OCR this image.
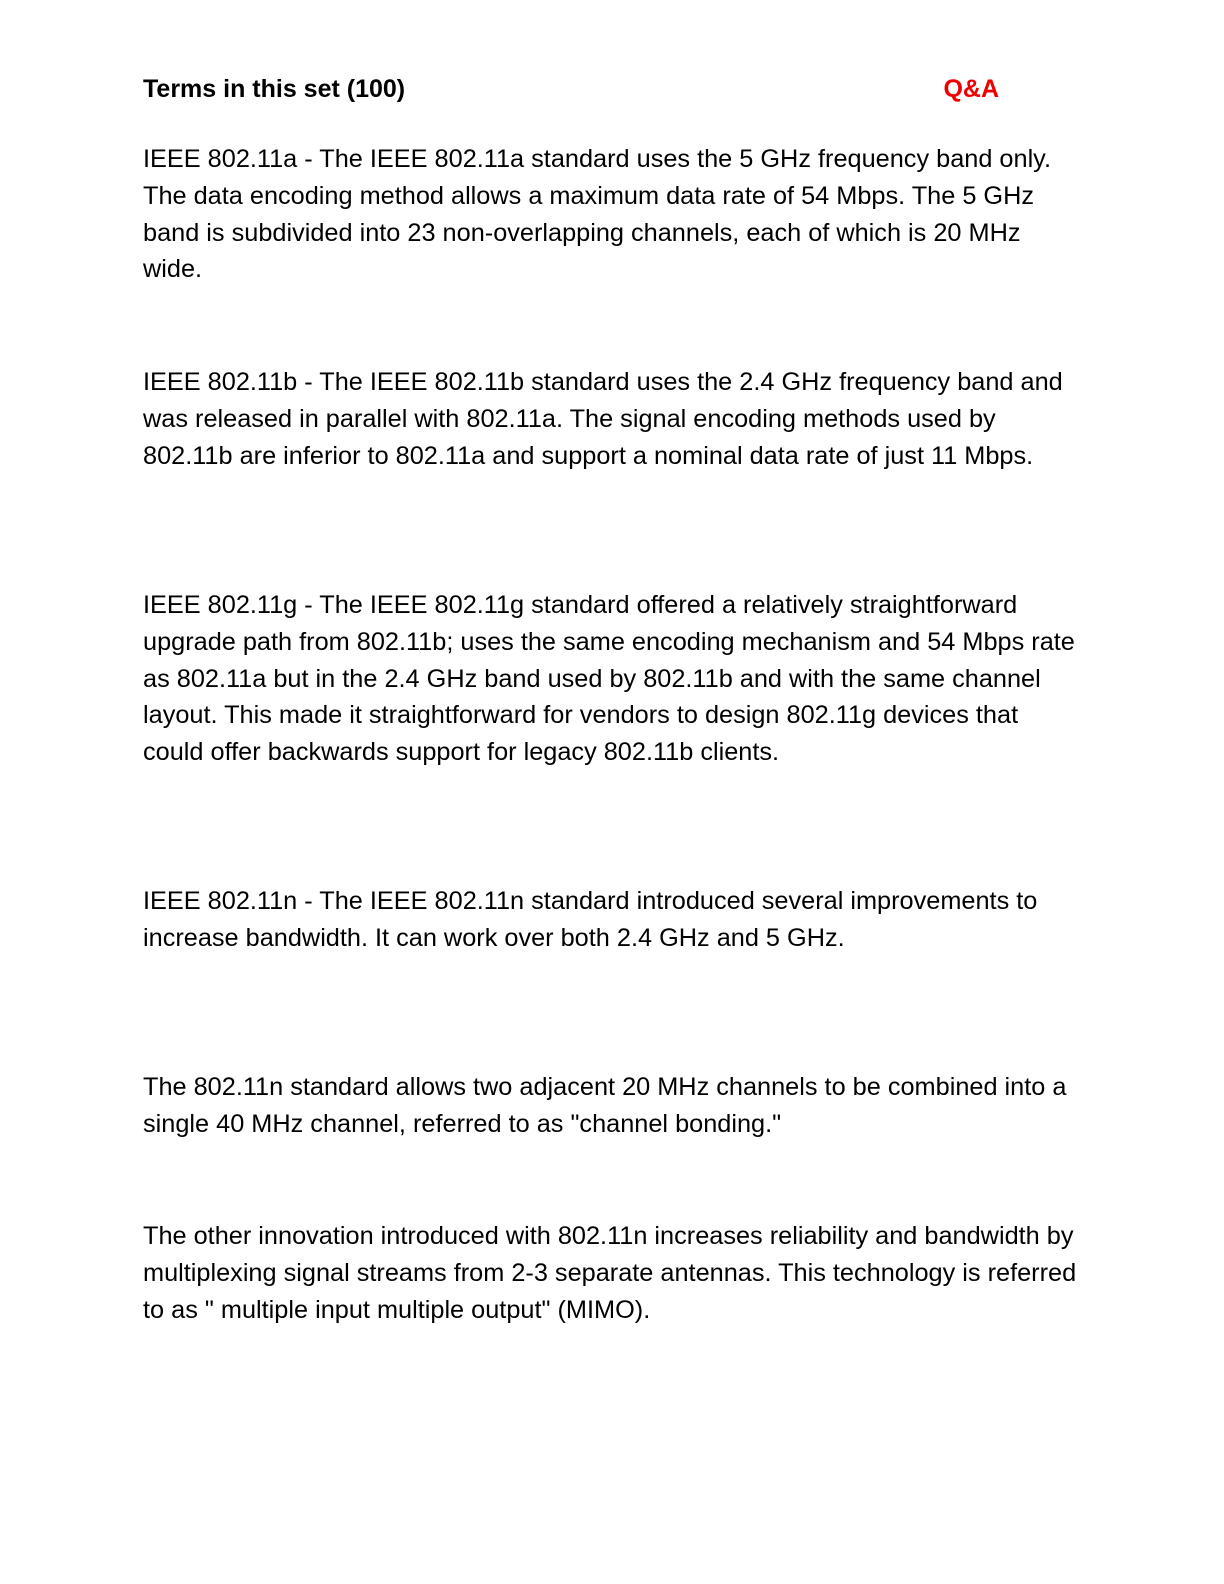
Terms in this set (100)	Q&A

IEEE 802.11a - The IEEE 802.11a standard uses the 5 GHz frequency band only. The data encoding method allows a maximum data rate of 54 Mbps. The 5 GHz band is subdivided into 23 non-overlapping channels, each of which is 20 MHz wide.

IEEE 802.11b - The IEEE 802.11b standard uses the 2.4 GHz frequency band and was released in parallel with 802.11a. The signal encoding methods used by 802.11b are inferior to 802.11a and support a nominal data rate of just 11 Mbps.

IEEE 802.11g - The IEEE 802.11g standard offered a relatively straightforward upgrade path from 802.11b; uses the same encoding mechanism and 54 Mbps rate as 802.11a but in the 2.4 GHz band used by 802.11b and with the same channel layout. This made it straightforward for vendors to design 802.11g devices that could offer backwards support for legacy 802.11b clients.

IEEE 802.11n - The IEEE 802.11n standard introduced several improvements to increase bandwidth. It can work over both 2.4 GHz and 5 GHz.

The 802.11n standard allows two adjacent 20 MHz channels to be combined into a single 40 MHz channel, referred to as "channel bonding."

The other innovation introduced with 802.11n increases reliability and bandwidth by multiplexing signal streams from 2-3 separate antennas. This technology is referred to as " multiple input multiple output" (MIMO).
